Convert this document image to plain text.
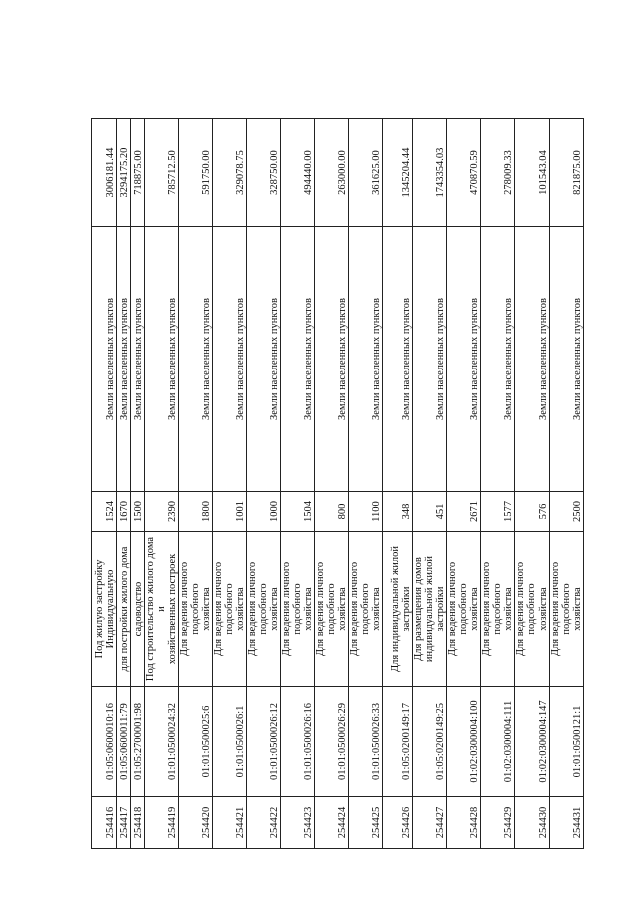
254416	01:05:0600010:16	Под жилую застройку Индивидуальную	1524	Земли населенных пунктов	3006181.44
254417	01:05:0600011:79	для постройки жилого дома	1670	Земли населенных пунктов	3294175.20
254418	01:05:2700001:98	садоводство	1500	Земли населенных пунктов	718875.00
254419	01:01:0500024:32	Под строительство жилого дома и хозяйственных построек	2390	Земли населенных пунктов	785712.50
254420	01:01:0500025:6	Для ведения личного подсобного хозяйства	1800	Земли населенных пунктов	591750.00
254421	01:01:0500026:1	Для ведения личного подсобного хозяйства	1001	Земли населенных пунктов	329078.75
254422	01:01:0500026:12	Для ведения личного подсобного хозяйства	1000	Земли населенных пунктов	328750.00
254423	01:01:0500026:16	Для ведения личного подсобного хозяйства	1504	Земли населенных пунктов	494440.00
254424	01:01:0500026:29	Для ведения личного подсобного хозяйства	800	Земли населенных пунктов	263000.00
254425	01:01:0500026:33	Для ведения личного подсобного хозяйства	1100	Земли населенных пунктов	361625.00
254426	01:05:0200149:17	Для индивидуальной жилой застройки	348	Земли населенных пунктов	1345204.44
254427	01:05:0200149:25	Для размещения домов индивидуальной жилой застройки	451	Земли населенных пунктов	1743354.03
254428	01:02:0300004:100	Для ведения личного подсобного хозяйства	2671	Земли населенных пунктов	470870.59
254429	01:02:0300004:111	Для ведения личного подсобного хозяйства	1577	Земли населенных пунктов	278009.33
254430	01:02:0300004:147	Для ведения личного подсобного хозяйства	576	Земли населенных пунктов	101543.04
254431	01:01:0500121:1	Для ведения личного подсобного хозяйства	2500	Земли населенных пунктов	821875.00
